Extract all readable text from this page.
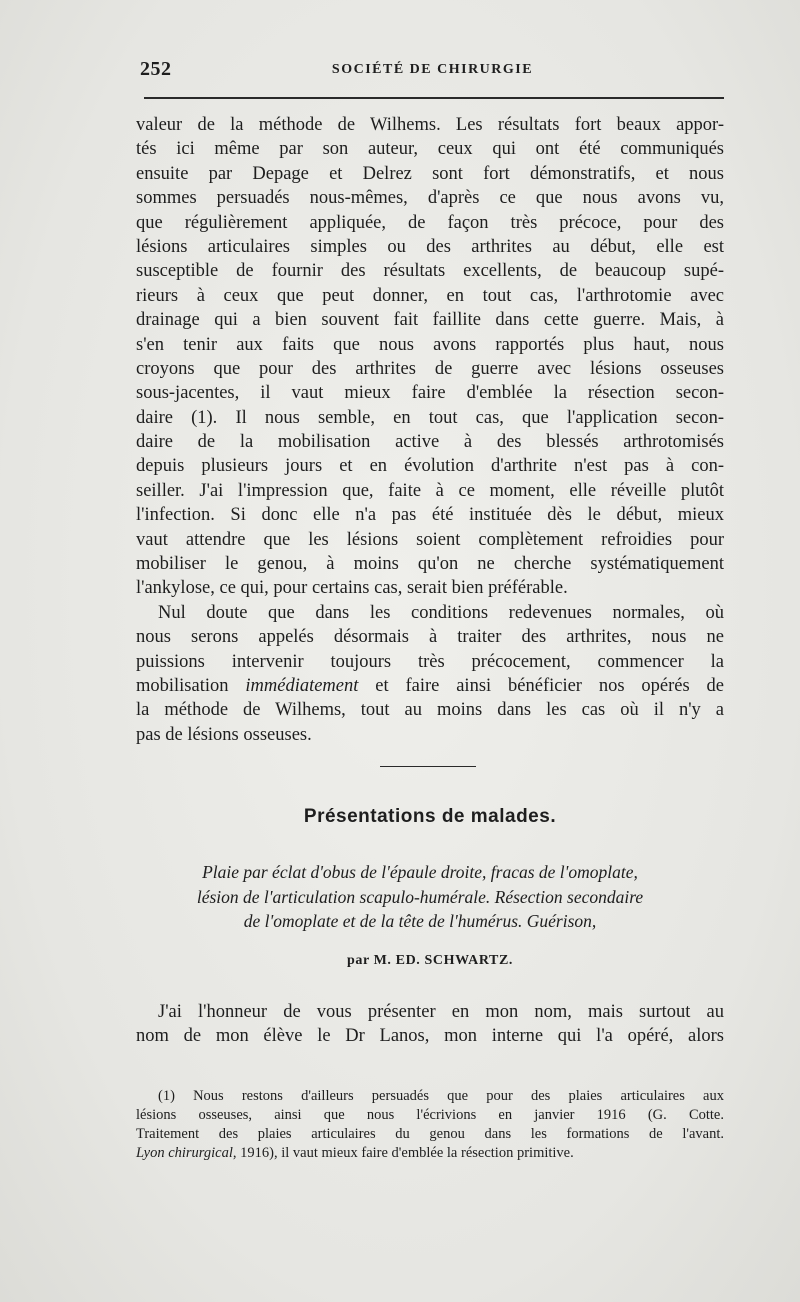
252	SOCIÉTÉ DE CHIRURGIE
valeur de la méthode de Wilhems. Les résultats fort beaux appor-
tés ici même par son auteur, ceux qui ont été communiqués
ensuite par Depage et Delrez sont fort démonstratifs, et nous
sommes persuadés nous-mêmes, d'après ce que nous avons vu,
que régulièrement appliquée, de façon très précoce, pour des
lésions articulaires simples ou des arthrites au début, elle est
susceptible de fournir des résultats excellents, de beaucoup supé-
rieurs à ceux que peut donner, en tout cas, l'arthrotomie avec
drainage qui a bien souvent fait faillite dans cette guerre. Mais, à
s'en tenir aux faits que nous avons rapportés plus haut, nous
croyons que pour des arthrites de guerre avec lésions osseuses
sous-jacentes, il vaut mieux faire d'emblée la résection secon-
daire (1). Il nous semble, en tout cas, que l'application secon-
daire de la mobilisation active à des blessés arthrotomisés
depuis plusieurs jours et en évolution d'arthrite n'est pas à con-
seiller. J'ai l'impression que, faite à ce moment, elle réveille plutôt
l'infection. Si donc elle n'a pas été instituée dès le début, mieux
vaut attendre que les lésions soient complètement refroidies pour
mobiliser le genou, à moins qu'on ne cherche systématiquement
l'ankylose, ce qui, pour certains cas, serait bien préférable.
Nul doute que dans les conditions redevenues normales, où
nous serons appelés désormais à traiter des arthrites, nous ne
puissions intervenir toujours très précocement, commencer la
mobilisation immédiatement et faire ainsi bénéficier nos opérés de
la méthode de Wilhems, tout au moins dans les cas où il n'y a
pas de lésions osseuses.
Présentations de malades.
Plaie par éclat d'obus de l'épaule droite, fracas de l'omoplate,
lésion de l'articulation scapulo-humérale. Résection secondaire
de l'omoplate et de la tête de l'humérus. Guérison,
par M. ED. SCHWARTZ.
J'ai l'honneur de vous présenter en mon nom, mais surtout au
nom de mon élève le Dr Lanos, mon interne qui l'a opéré, alors
(1) Nous restons d'ailleurs persuadés que pour des plaies articulaires aux
lésions osseuses, ainsi que nous l'écrivions en janvier 1916 (G. Cotte.
Traitement des plaies articulaires du genou dans les formations de l'avant.
Lyon chirurgical, 1916), il vaut mieux faire d'emblée la résection primitive.
